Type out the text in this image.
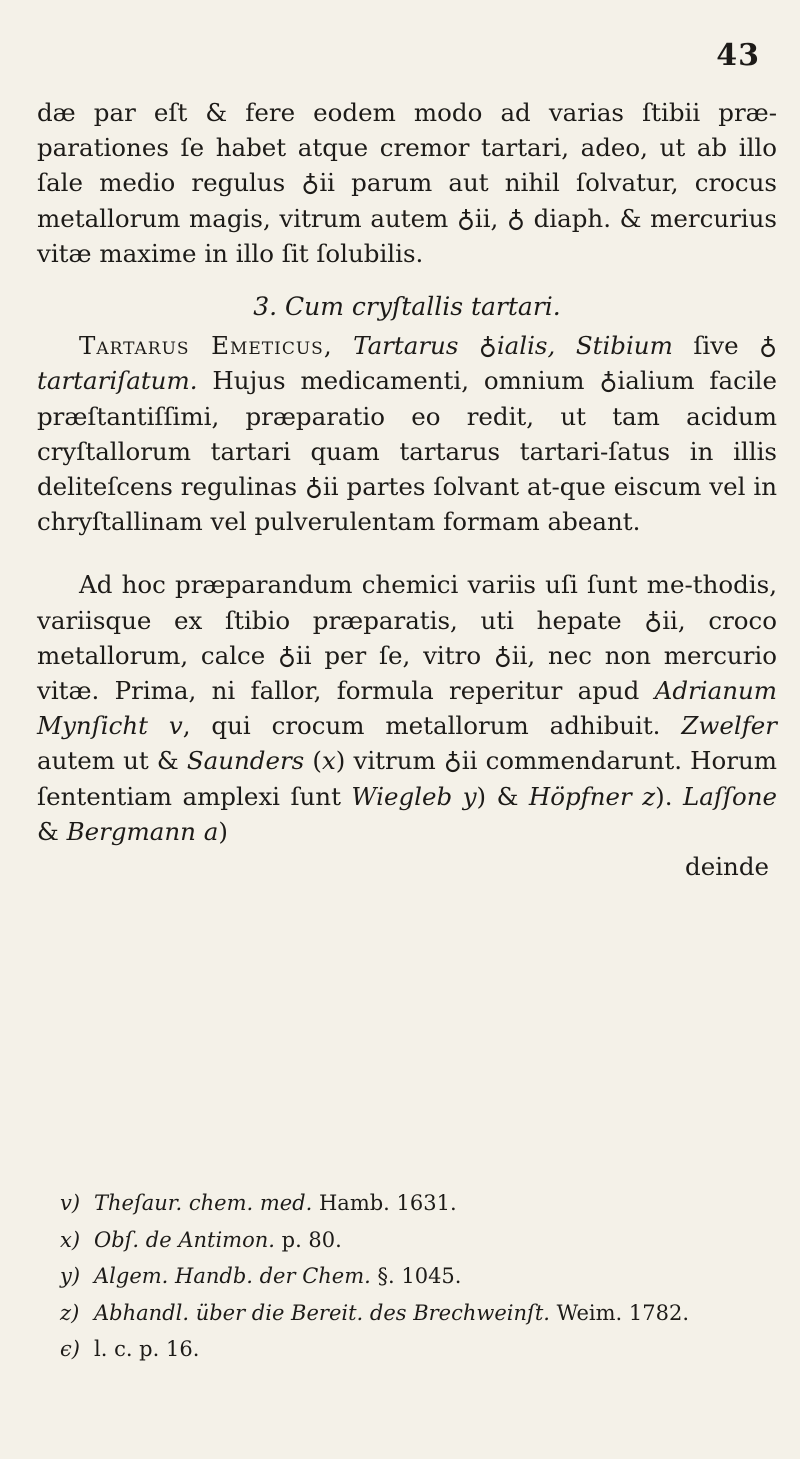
43

dæ par eſt & fere eodem modo ad varias ſtibii præ-parationes ſe habet atque cremor tartari, adeo, ut ab illo ſale medio regulus ♁ii parum aut nihil ſolvatur, crocus metallorum magis, vitrum autem ♁ii, ♁ diaph. & mercurius vitæ maxime in illo ſit ſolubilis.

3. Cum cryſtallis tartari.

Tartarus Emeticus, Tartarus ♁ialis, Stibium ſive ♁ tartariſatum. Hujus medicamenti, omnium ♁ialium facile præſtantiſſimi, præparatio eo redit, ut tam acidum cryſtallorum tartari quam tartarus tartari-ſatus in illis deliteſcens regulinas ♁ii partes ſolvant at-que eiscum vel in chryſtallinam vel pulverulentam formam abeant.

Ad hoc præparandum chemici variis uſi ſunt me-thodis, variisque ex ſtibio præparatis, uti hepate ♁ii, croco metallorum, calce ♁ii per ſe, vitro ♁ii, nec non mercurio vitæ. Prima, ni fallor, formula reperitur apud Adrianum Mynſicht v, qui crocum metallorum adhibuit. Zwelfer autem ut & Saunders (x) vitrum ♁ii commendarunt. Horum ſententiam amplexi ſunt Wiegleb y) & Höpfner z). Laſſone & Bergmann a)

deinde
v) Theſaur. chem. med. Hamb. 1631.
x) Obſ. de Antimon. p. 80.
y) Algem. Handb. der Chem. §. 1045.
z) Abhandl. über die Bereit. des Brechweinſt. Weim. 1782.
ϵ) l. c. p. 16.
